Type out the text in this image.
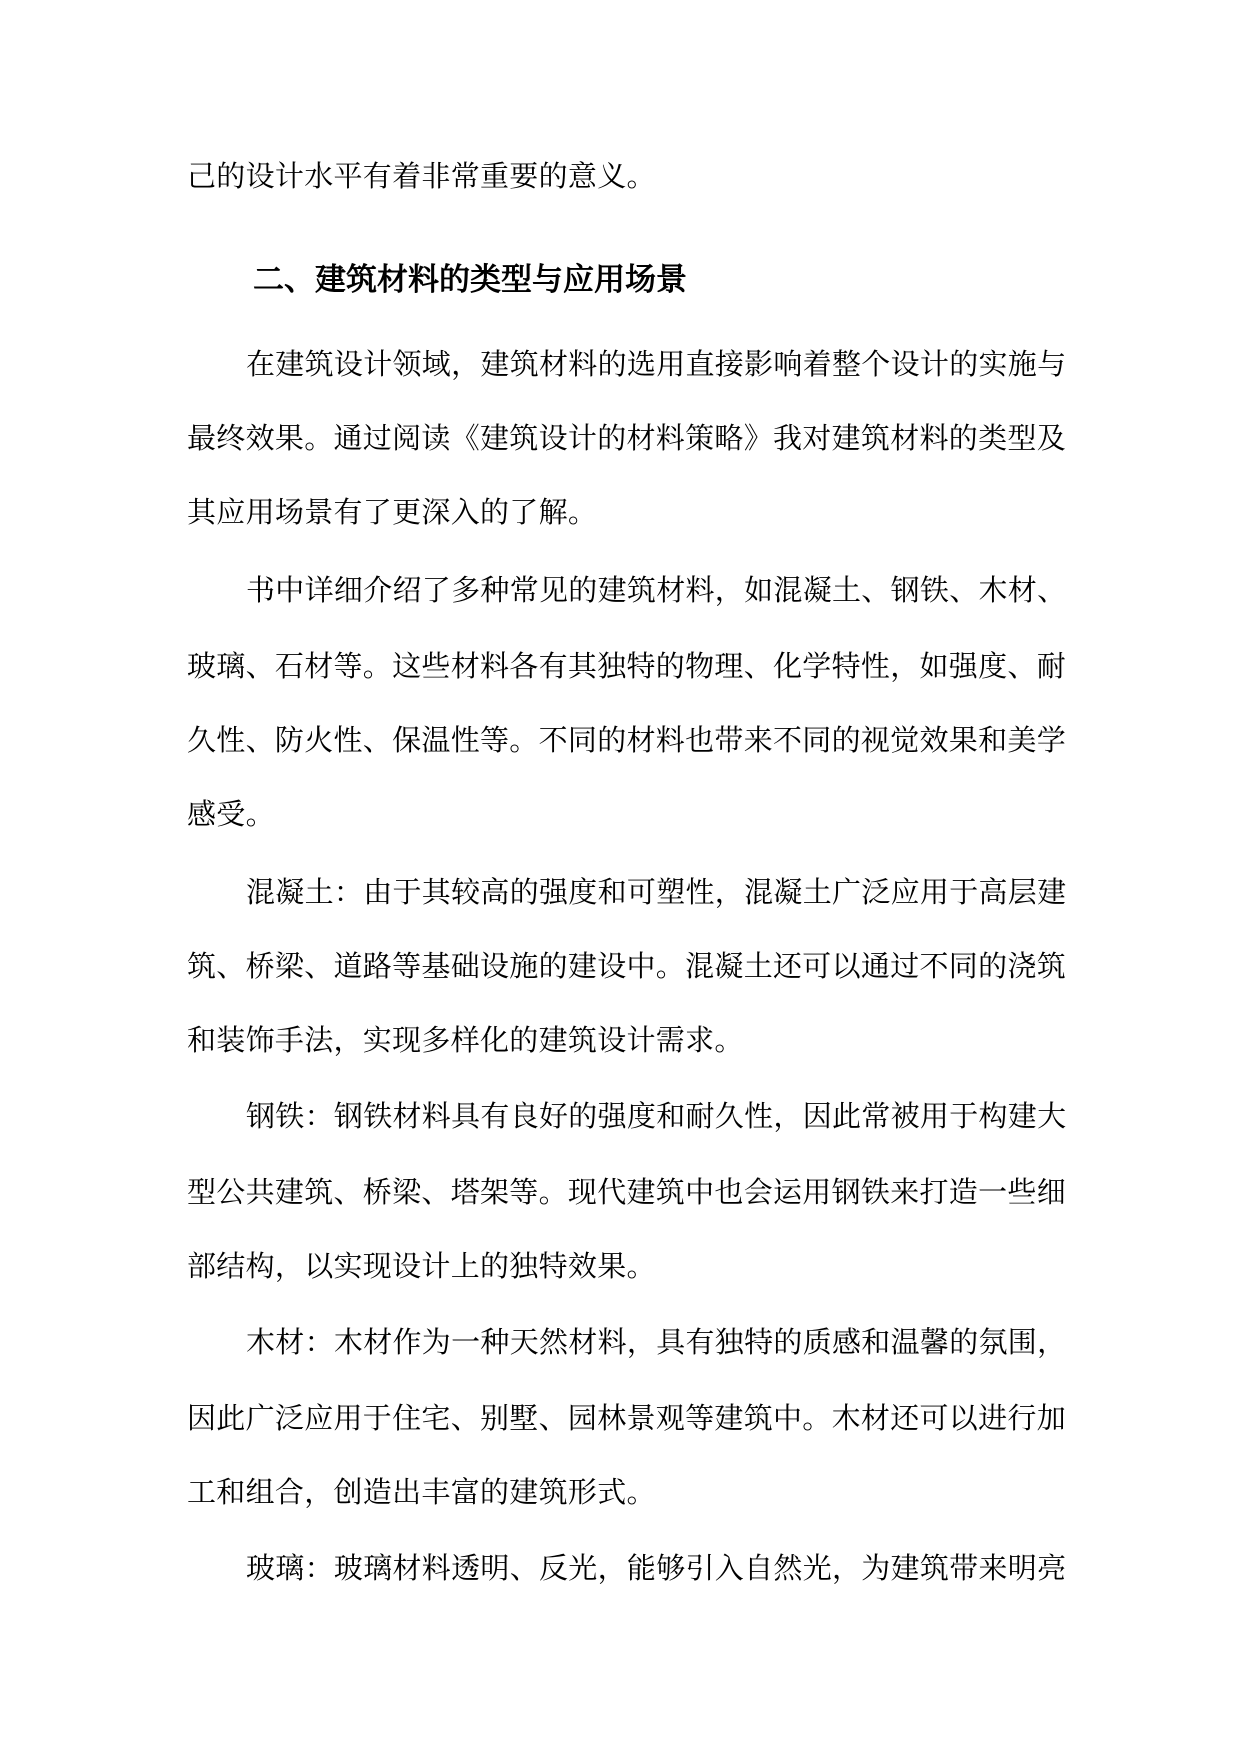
己的设计水平有着非常重要的意义。
二、建筑材料的类型与应用场景
在建筑设计领域，建筑材料的选用直接影响着整个设计的实施与
最终效果。通过阅读《建筑设计的材料策略》我对建筑材料的类型及
其应用场景有了更深入的了解。
书中详细介绍了多种常见的建筑材料，如混凝土、钢铁、木材、
玻璃、石材等。这些材料各有其独特的物理、化学特性，如强度、耐
久性、防火性、保温性等。不同的材料也带来不同的视觉效果和美学
感受。
混凝土：由于其较高的强度和可塑性，混凝土广泛应用于高层建
筑、桥梁、道路等基础设施的建设中。混凝土还可以通过不同的浇筑
和装饰手法，实现多样化的建筑设计需求。
钢铁：钢铁材料具有良好的强度和耐久性，因此常被用于构建大
型公共建筑、桥梁、塔架等。现代建筑中也会运用钢铁来打造一些细
部结构，以实现设计上的独特效果。
木材：木材作为一种天然材料，具有独特的质感和温馨的氛围，
因此广泛应用于住宅、别墅、园林景观等建筑中。木材还可以进行加
工和组合，创造出丰富的建筑形式。
玻璃：玻璃材料透明、反光，能够引入自然光，为建筑带来明亮
